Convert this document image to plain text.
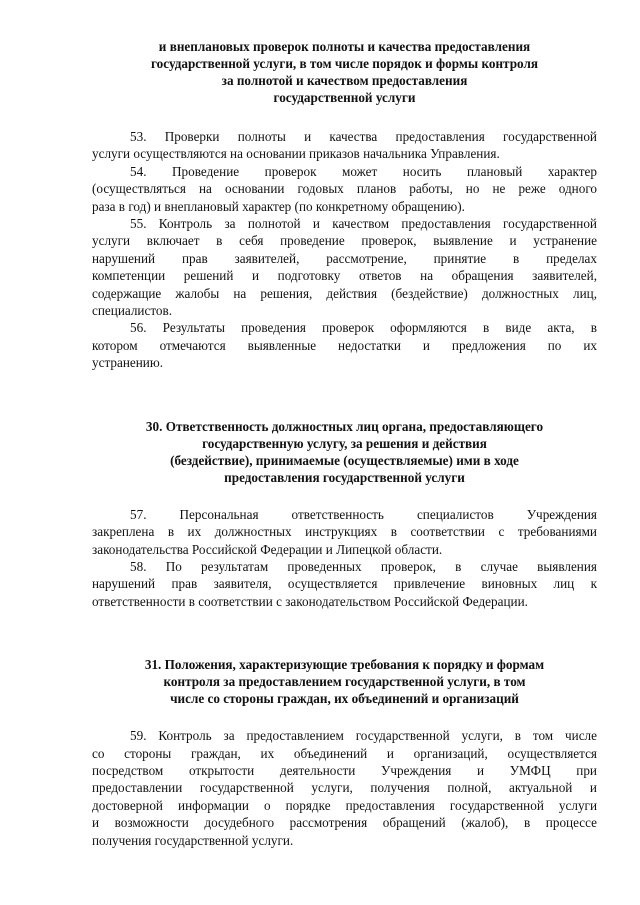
и внеплановых проверок полноты и качества предоставления
государственной услуги, в том числе порядок и формы контроля
за полнотой и качеством предоставления
государственной услуги
53. Проверки полноты и качества предоставления государственной
услуги осуществляются на основании приказов начальника Управления.
54. Проведение проверок может носить плановый характер
(осуществляться на основании годовых планов работы, но не реже одного
раза в год) и внеплановый характер (по конкретному обращению).
55. Контроль за полнотой и качеством предоставления государственной
услуги включает в себя проведение проверок, выявление и устранение
нарушений прав заявителей, рассмотрение, принятие в пределах
компетенции решений и подготовку ответов на обращения заявителей,
содержащие жалобы на решения, действия (бездействие) должностных лиц,
специалистов.
56. Результаты проведения проверок оформляются в виде акта, в
котором отмечаются выявленные недостатки и предложения по их
устранению.
30. Ответственность должностных лиц органа, предоставляющего
государственную услугу, за решения и действия
(бездействие), принимаемые (осуществляемые) ими в ходе
предоставления государственной услуги
57. Персональная ответственность специалистов Учреждения
закреплена в их должностных инструкциях в соответствии с требованиями
законодательства Российской Федерации и Липецкой области.
58. По результатам проведенных проверок, в случае выявления
нарушений прав заявителя, осуществляется привлечение виновных лиц к
ответственности в соответствии с законодательством Российской Федерации.
31. Положения, характеризующие требования к порядку и формам
контроля за предоставлением государственной услуги, в том
числе со стороны граждан, их объединений и организаций
59. Контроль за предоставлением государственной услуги, в том числе
со стороны граждан, их объединений и организаций, осуществляется
посредством открытости деятельности Учреждения и УМФЦ при
предоставлении государственной услуги, получения полной, актуальной и
достоверной информации о порядке предоставления государственной услуги
и возможности досудебного рассмотрения обращений (жалоб), в процессе
получения государственной услуги.
